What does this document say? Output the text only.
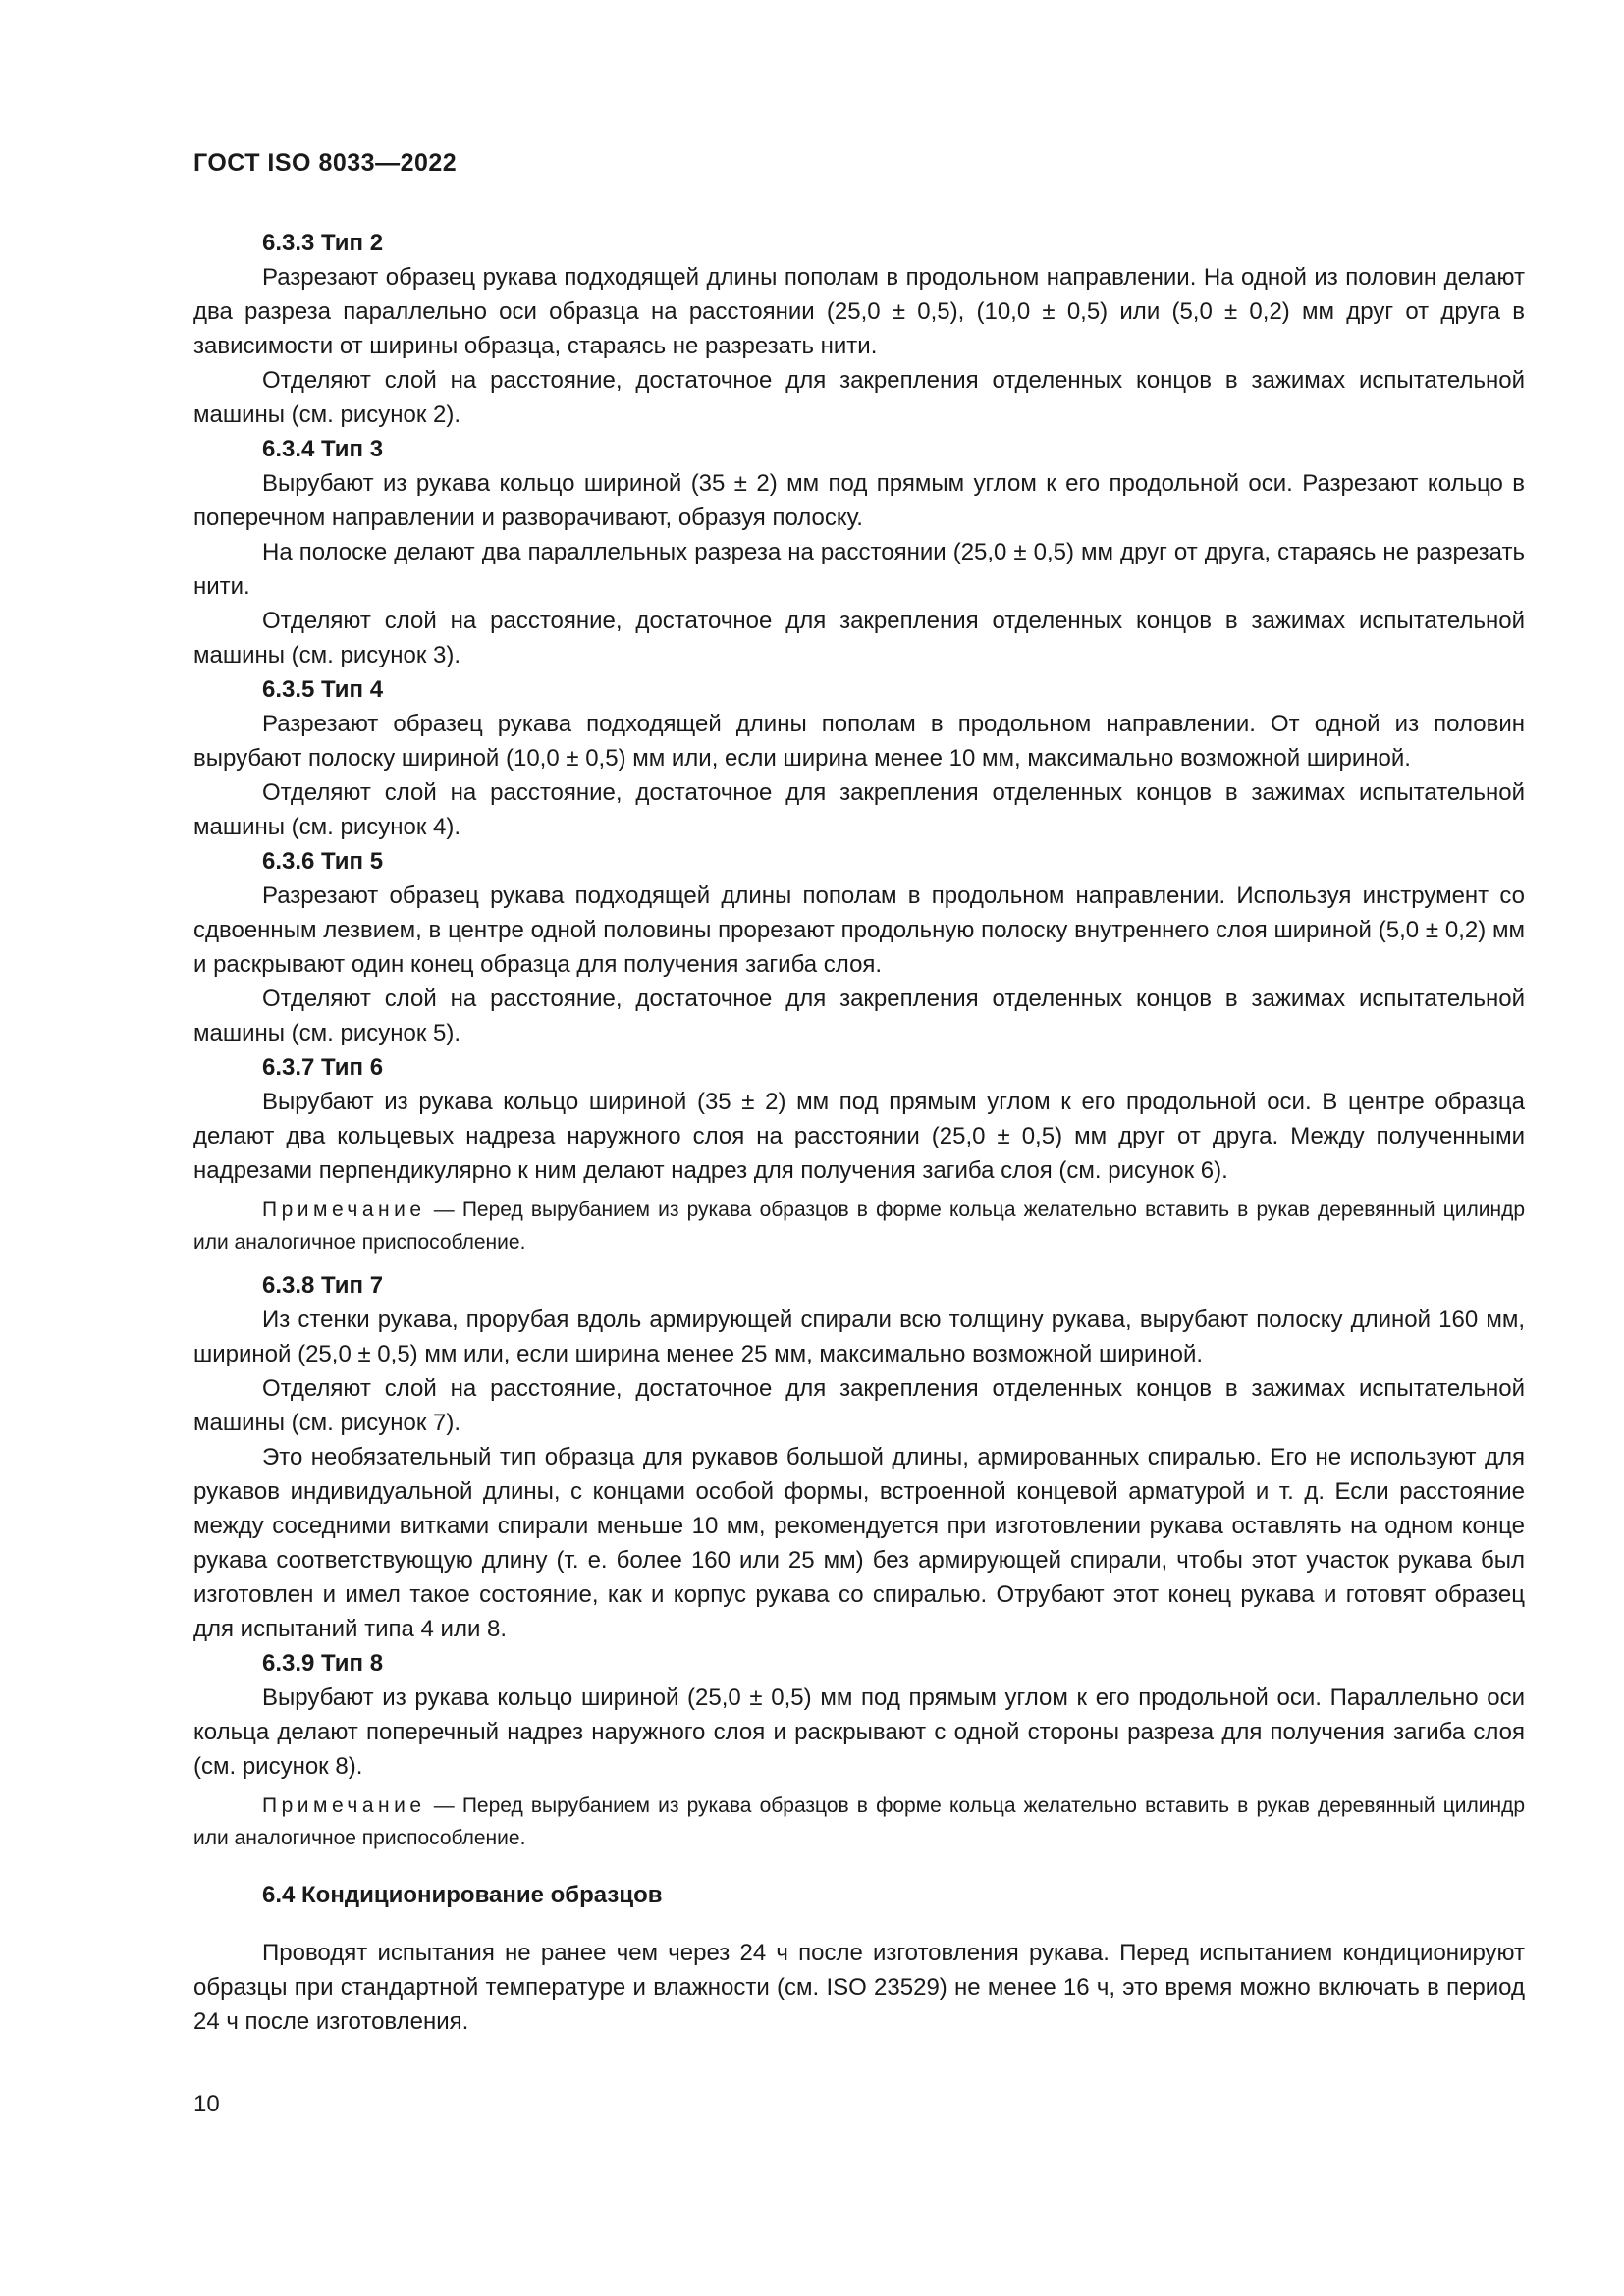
ГОСТ ISO 8033—2022
6.3.3 Тип 2

Разрезают образец рукава подходящей длины пополам в продольном направлении. На одной из половин делают два разреза параллельно оси образца на расстоянии (25,0 ± 0,5), (10,0 ± 0,5) или (5,0 ± 0,2) мм друг от друга в зависимости от ширины образца, стараясь не разрезать нити.

Отделяют слой на расстояние, достаточное для закрепления отделенных концов в зажимах испытательной машины (см. рисунок 2).

6.3.4 Тип 3

Вырубают из рукава кольцо шириной (35 ± 2) мм под прямым углом к его продольной оси. Разрезают кольцо в поперечном направлении и разворачивают, образуя полоску.

На полоске делают два параллельных разреза на расстоянии (25,0 ± 0,5) мм друг от друга, стараясь не разрезать нити.

Отделяют слой на расстояние, достаточное для закрепления отделенных концов в зажимах испытательной машины (см. рисунок 3).

6.3.5 Тип 4

Разрезают образец рукава подходящей длины пополам в продольном направлении. От одной из половин вырубают полоску шириной (10,0 ± 0,5) мм или, если ширина менее 10 мм, максимально возможной шириной.

Отделяют слой на расстояние, достаточное для закрепления отделенных концов в зажимах испытательной машины (см. рисунок 4).

6.3.6 Тип 5

Разрезают образец рукава подходящей длины пополам в продольном направлении. Используя инструмент со сдвоенным лезвием, в центре одной половины прорезают продольную полоску внутреннего слоя шириной (5,0 ± 0,2) мм и раскрывают один конец образца для получения загиба слоя.

Отделяют слой на расстояние, достаточное для закрепления отделенных концов в зажимах испытательной машины (см. рисунок 5).

6.3.7 Тип 6

Вырубают из рукава кольцо шириной (35 ± 2) мм под прямым углом к его продольной оси. В центре образца делают два кольцевых надреза наружного слоя на расстоянии (25,0 ± 0,5) мм друг от друга. Между полученными надрезами перпендикулярно к ним делают надрез для получения загиба слоя (см. рисунок 6).

Примечание — Перед вырубанием из рукава образцов в форме кольца желательно вставить в рукав деревянный цилиндр или аналогичное приспособление.

6.3.8 Тип 7

Из стенки рукава, прорубая вдоль армирующей спирали всю толщину рукава, вырубают полоску длиной 160 мм, шириной (25,0 ± 0,5) мм или, если ширина менее 25 мм, максимально возможной шириной.

Отделяют слой на расстояние, достаточное для закрепления отделенных концов в зажимах испытательной машины (см. рисунок 7).

Это необязательный тип образца для рукавов большой длины, армированных спиралью. Его не используют для рукавов индивидуальной длины, с концами особой формы, встроенной концевой арматурой и т. д. Если расстояние между соседними витками спирали меньше 10 мм, рекомендуется при изготовлении рукава оставлять на одном конце рукава соответствующую длину (т. е. более 160 или 25 мм) без армирующей спирали, чтобы этот участок рукава был изготовлен и имел такое состояние, как и корпус рукава со спиралью. Отрубают этот конец рукава и готовят образец для испытаний типа 4 или 8.

6.3.9 Тип 8

Вырубают из рукава кольцо шириной (25,0 ± 0,5) мм под прямым углом к его продольной оси. Параллельно оси кольца делают поперечный надрез наружного слоя и раскрывают с одной стороны разреза для получения загиба слоя (см. рисунок 8).

Примечание — Перед вырубанием из рукава образцов в форме кольца желательно вставить в рукав деревянный цилиндр или аналогичное приспособление.

6.4 Кондиционирование образцов

Проводят испытания не ранее чем через 24 ч после изготовления рукава. Перед испытанием кондиционируют образцы при стандартной температуре и влажности (см. ISO 23529) не менее 16 ч, это время можно включать в период 24 ч после изготовления.

10
